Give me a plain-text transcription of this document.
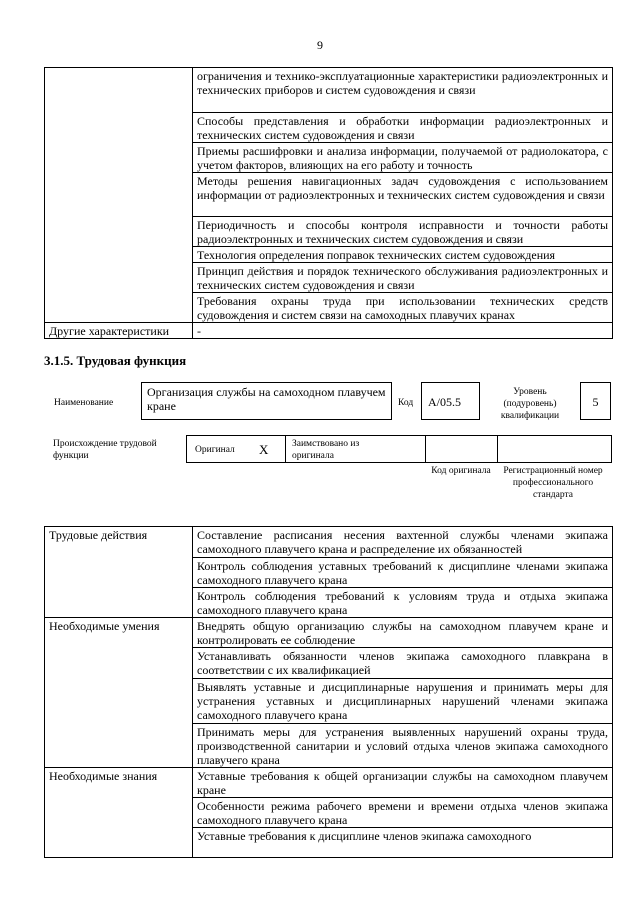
9
	ограничения и технико-эксплуатационные характеристики радиоэлектронных и технических приборов и систем судовождения и связи
	Способы представления и обработки информации радиоэлектронных и технических систем судовождения и связи
	Приемы расшифровки и анализа информации, получаемой от радиолокатора, с учетом факторов, влияющих на его работу и точность
	Методы решения навигационных задач судовождения с использованием информации от радиоэлектронных и технических систем судовождения и связи
	Периодичность и способы контроля исправности и точности работы радиоэлектронных и технических систем судовождения и связи
	Технология определения поправок технических систем судовождения
	Принцип действия и порядок технического обслуживания радиоэлектронных и технических систем судовождения и связи
	Требования охраны труда при использовании технических средств судовождения и систем связи на самоходных плавучих кранах
Другие характеристики	-
3.1.5. Трудовая функция
Наименование
Организация службы на самоходном плавучем кране	Код	A/05.5
Уровень (подуровень) квалификации
5
Происхождение трудовой функции
Оригинал X Заимствовано из оригинала
Код оригинала	Регистрационный номер профессионального стандарта
Трудовые действия	Составление расписания несения вахтенной службы членами экипажа самоходного плавучего крана и распределение их обязанностей
	Контроль соблюдения уставных требований к дисциплине членами экипажа самоходного плавучего крана
	Контроль соблюдения требований к условиям труда и отдыха экипажа самоходного плавучего крана
Необходимые умения	Внедрять общую организацию службы на самоходном плавучем кране и контролировать ее соблюдение
	Устанавливать обязанности членов экипажа самоходного плавкрана в соответствии с их квалификацией
	Выявлять уставные и дисциплинарные нарушения и принимать меры для устранения уставных и дисциплинарных нарушений членами экипажа самоходного плавучего крана
	Принимать меры для устранения выявленных нарушений охраны труда, производственной санитарии и условий отдыха членов экипажа самоходного плавучего крана
Необходимые знания	Уставные требования к общей организации службы на самоходном плавучем кране
	Особенности режима рабочего времени и времени отдыха членов экипажа самоходного плавучего крана
	Уставные требования к дисциплине членов экипажа самоходного
